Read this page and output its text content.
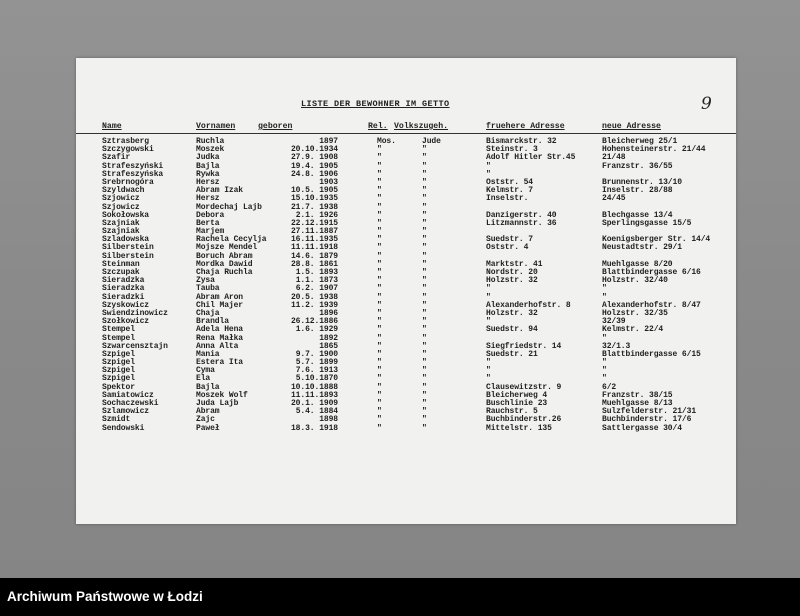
9
LISTE DER BEWOHNER IM GETTO
Name	Vornamen	geboren	Rel. Volkszugeh.	fruehere Adresse	neue Adresse
Sztrasberg	Ruchla	1897	Mos.	Jude	Bismarckstr. 32	Bleicherweg 25/1
Szczygowski	Moszek	20.10.1934	"	"	Steinstr. 3	Hohensteinerstr. 21/44
Szafir	Judka	27.9. 1908	"	"	Adolf Hitler Str.45	21/48
Strafeszyński	Bajla	19.4. 1905	"	"	"	Franzstr. 36/55
Strafeszyńska	Rywka	24.8. 1906	"	"	"
Srebrnogóra	Hersz	1903	"	"	Oststr. 54	Brunnenstr. 13/10
Szyldwach	Abram Izak	10.5. 1905	"	"	Kelmstr. 7	Inselstr. 28/88
Szjowicz	Hersz	15.10.1935	"	"	Inselstr.	24/45
Szjowicz	Mordechaj Lajb	21.7. 1938	"	"
Sokołowska	Debora	2.1. 1926	"	"	Danzigerstr. 40	Blechgasse 13/4
Szajniak	Berta	22.12.1915	"	"	Litzmannstr. 36	Sperlingsgasse 15/5
Szajniak	Marjem	27.11.1887	"	"
Szladowska	Rachela Cecylja	16.11.1935	"	"	Suedstr. 7	Koenigsberger Str. 14/4
Silberstein	Mojsze Mendel	11.11.1918	"	"	Oststr. 4	Neustadtstr. 29/1
Silberstein	Boruch Abram	14.6. 1879	"	"
Steinman	Mordka Dawid	28.8. 1861	"	"	Marktstr. 41	Muehlgasse 8/20
Szczupak	Chaja Ruchla	1.5. 1893	"	"	Nordstr. 20	Blattbindergasse 6/16
Sieradzka	Zysa	1.1. 1873	"	"	Holzstr. 32	Holzstr. 32/40
Sieradzka	Tauba	6.2. 1907	"	"	"	"
Sieradzki	Abram Aron	20.5. 1938	"	"	"	"
Szyskowicz	Chil Majer	11.2. 1939	"	"	Alexanderhofstr. 8	Alexanderhofstr. 8/47
Swiendzinowicz	Chaja	1896	"	"	Holzstr. 32	Holzstr. 32/35
Szołkowicz	Brandla	26.12.1886	"	"	"	32/39
Stempel	Adela Hena	1.6. 1929	"	"	Suedstr. 94	Kelmstr. 22/4
Stempel	Rena Małka	1892	"	"	"
Szwarcensztajn	Anna Alta	1865	"	"	Siegfriedstr. 14	32/1.3
Szpigel	Mania	9.7. 1900	"	"	Suedstr. 21	Blattbindergasse 6/15
Szpigel	Estera Ita	5.7. 1899	"	"	"	"
Szpigel	Cyma	7.6. 1913	"	"	"	"
Szpigel	Ela	5.10.1870	"	"	"	"
Spektor	Bajla	10.10.1888	"	"	Clausewitzstr. 9	6/2
Samiatowicz	Moszek Wolf	11.11.1893	"	"	Bleicherweg 4	Franzstr. 38/15
Sochaczewski	Juda Lajb	20.1. 1909	"	"	Buschlinie 23	Muehlgasse 8/13
Szlamowicz	Abram	5.4. 1884	"	"	Rauchstr. 5	Sulzfelderstr. 21/31
Szmidt	Zajc	1898	"	"	Buchbinderstr.26	Buchbinderstr. 17/6
Sendowski	Paweł	18.3. 1918	"	"	Mittelstr. 135	Sattlergasse 30/4
Archiwum Państwowe w Łodzi
